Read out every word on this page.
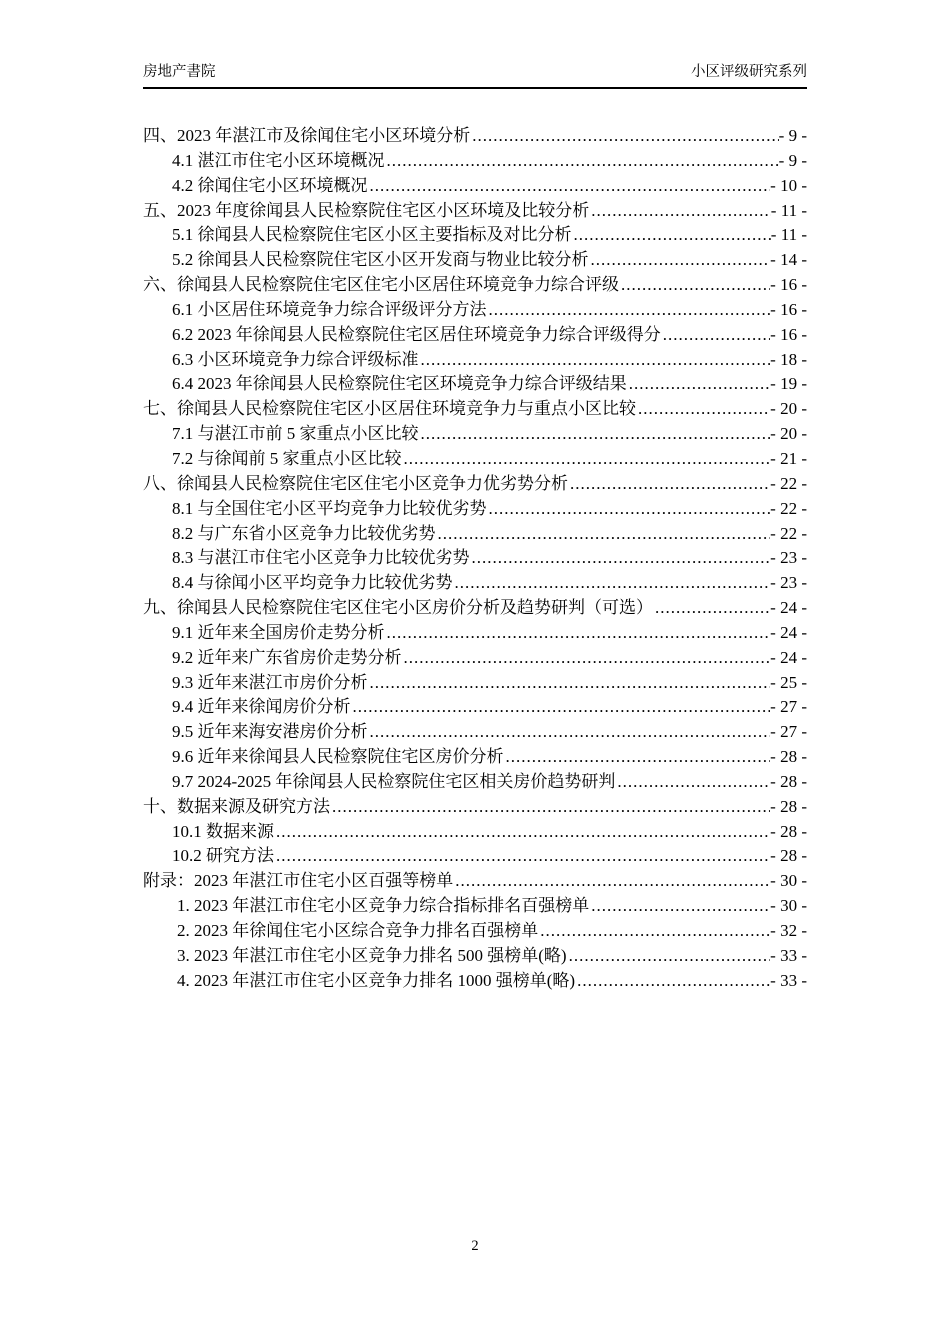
房地产書院	小区评级研究系列
四、2023 年湛江市及徐闻住宅小区环境分析 .....	- 9 -
4.1 湛江市住宅小区环境概况 .....	- 9 -
4.2 徐闻住宅小区环境概况 .....	- 10 -
五、2023 年度徐闻县人民检察院住宅区小区环境及比较分析 .....	- 11 -
5.1 徐闻县人民检察院住宅区小区主要指标及对比分析 .....	- 11 -
5.2 徐闻县人民检察院住宅区小区开发商与物业比较分析 .....	- 14 -
六、徐闻县人民检察院住宅区住宅小区居住环境竞争力综合评级 .....	- 16 -
6.1 小区居住环境竞争力综合评级评分方法 .....	- 16 -
6.2 2023 年徐闻县人民检察院住宅区居住环境竞争力综合评级得分 .....	- 16 -
6.3 小区环境竞争力综合评级标准 .....	- 18 -
6.4 2023 年徐闻县人民检察院住宅区环境竞争力综合评级结果 .....	- 19 -
七、徐闻县人民检察院住宅区小区居住环境竞争力与重点小区比较 .....	- 20 -
7.1 与湛江市前 5 家重点小区比较 .....	- 20 -
7.2 与徐闻前 5 家重点小区比较 .....	- 21 -
八、徐闻县人民检察院住宅区住宅小区竞争力优劣势分析 .....	- 22 -
8.1 与全国住宅小区平均竞争力比较优劣势 .....	- 22 -
8.2 与广东省小区竞争力比较优劣势 .....	- 22 -
8.3 与湛江市住宅小区竞争力比较优劣势 .....	- 23 -
8.4 与徐闻小区平均竞争力比较优劣势 .....	- 23 -
九、徐闻县人民检察院住宅区住宅小区房价分析及趋势研判（可选） .....	- 24 -
9.1 近年来全国房价走势分析 .....	- 24 -
9.2 近年来广东省房价走势分析 .....	- 24 -
9.3 近年来湛江市房价分析 .....	- 25 -
9.4 近年来徐闻房价分析 .....	- 27 -
9.5 近年来海安港房价分析 .....	- 27 -
9.6 近年来徐闻县人民检察院住宅区房价分析 .....	- 28 -
9.7 2024-2025 年徐闻县人民检察院住宅区相关房价趋势研判 .....	- 28 -
十、数据来源及研究方法 .....	- 28 -
10.1 数据来源 .....	- 28 -
10.2 研究方法 .....	- 28 -
附录：2023 年湛江市住宅小区百强等榜单 .....	- 30 -
1. 2023 年湛江市住宅小区竞争力综合指标排名百强榜单 .....	- 30 -
2. 2023 年徐闻住宅小区综合竞争力排名百强榜单 .....	- 32 -
3. 2023 年湛江市住宅小区竞争力排名 500 强榜单(略) .....	- 33 -
4. 2023 年湛江市住宅小区竞争力排名 1000 强榜单(略) .....	- 33 -
2
